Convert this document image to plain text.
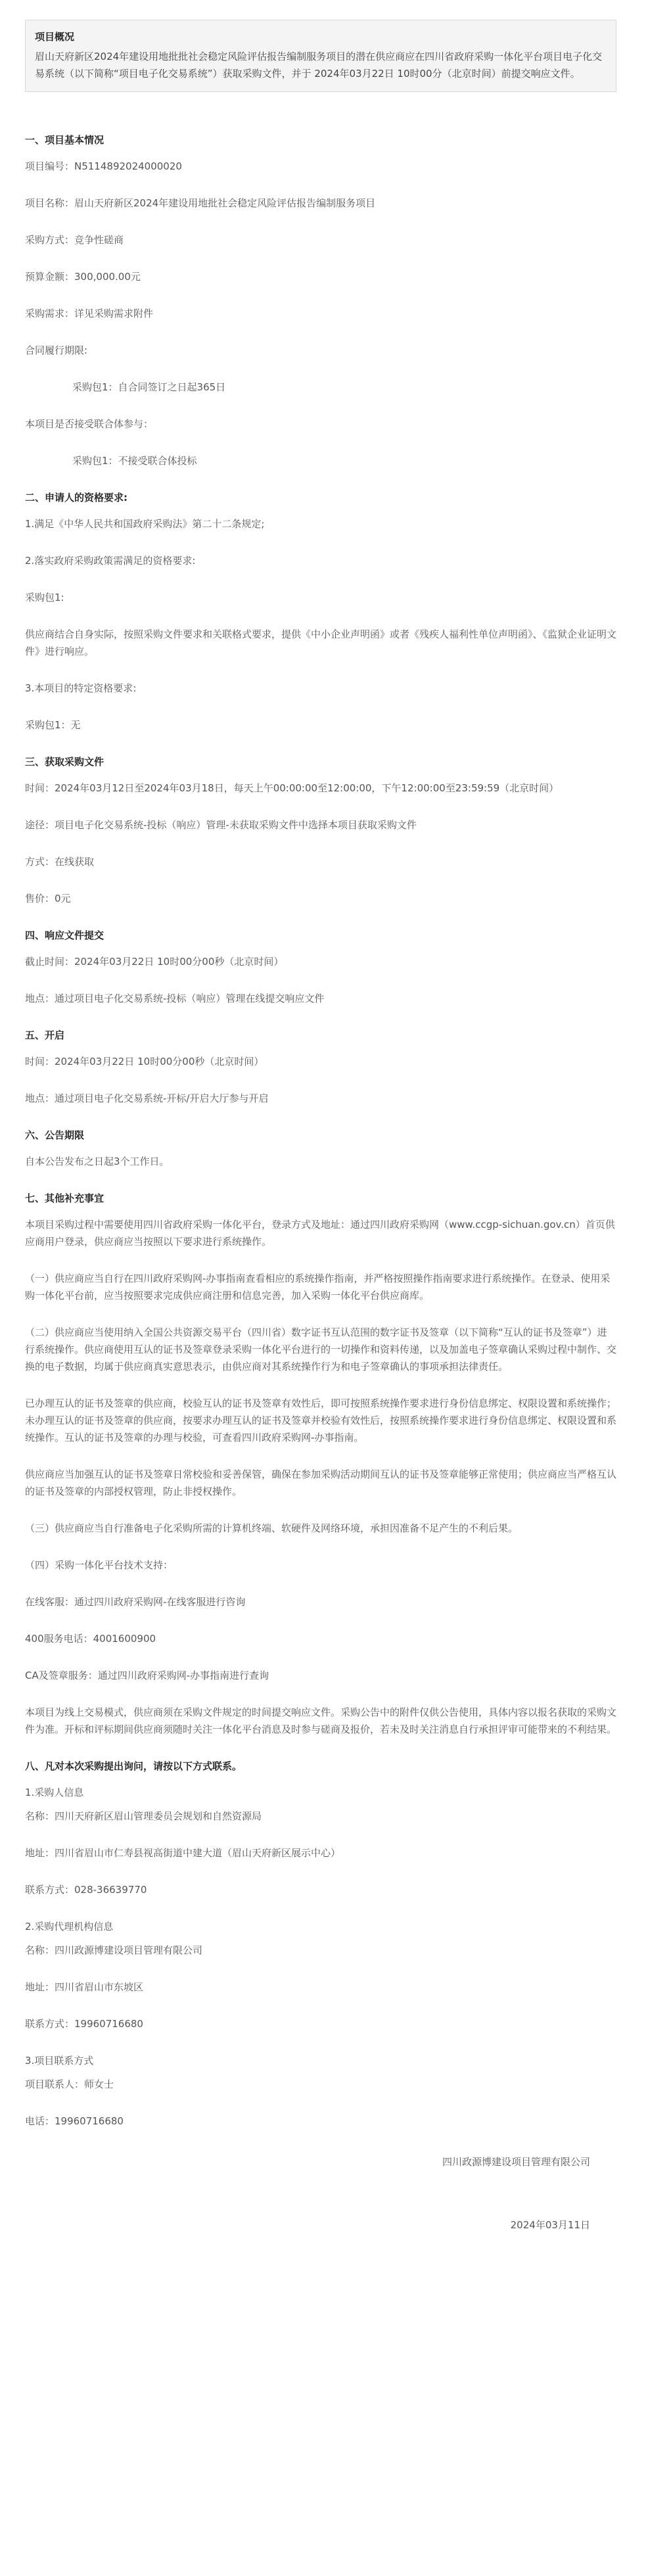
项目概况
眉山天府新区2024年建设用地批批社会稳定风险评估报告编制服务项目的潜在供应商应在四川省政府采购一体化平台项目电子化交易系统（以下简称“项目电子化交易系统”）获取采购文件，并于 2024年03月22日 10时00分（北京时间）前提交响应文件。
一、项目基本情况

项目编号：N5114892024000020

项目名称：眉山天府新区2024年建设用地批社会稳定风险评估报告编制服务项目

采购方式：竞争性磋商

预算金额：300,000.00元

采购需求：详见采购需求附件

合同履行期限:

采购包1：自合同签订之日起365日

本项目是否接受联合体参与：

采购包1：不接受联合体投标

二、申请人的资格要求:

1.满足《中华人民共和国政府采购法》第二十二条规定;

2.落实政府采购政策需满足的资格要求:

采购包1:

供应商结合自身实际，按照采购文件要求和关联格式要求，提供《中小企业声明函》或者《残疾人福利性单位声明函》、《监狱企业证明文件》进行响应。

3.本项目的特定资格要求:

采购包1：无

三、获取采购文件

时间：2024年03月12日至2024年03月18日，每天上午00:00:00至12:00:00，下午12:00:00至23:59:59（北京时间）

途径：项目电子化交易系统-投标（响应）管理-未获取采购文件中选择本项目获取采购文件

方式：在线获取

售价：0元

四、响应文件提交

截止时间：2024年03月22日 10时00分00秒（北京时间）

地点：通过项目电子化交易系统-投标（响应）管理在线提交响应文件

五、开启

时间：2024年03月22日 10时00分00秒（北京时间）

地点：通过项目电子化交易系统-开标/开启大厅参与开启

六、公告期限

自本公告发布之日起3个工作日。

七、其他补充事宜

本项目采购过程中需要使用四川省政府采购一体化平台，登录方式及地址：通过四川政府采购网（www.ccgp-sichuan.gov.cn）首页供应商用户登录，供应商应当按照以下要求进行系统操作。

（一）供应商应当自行在四川政府采购网-办事指南查看相应的系统操作指南，并严格按照操作指南要求进行系统操作。在登录、使用采购一体化平台前，应当按照要求完成供应商注册和信息完善，加入采购一体化平台供应商库。

（二）供应商应当使用纳入全国公共资源交易平台（四川省）数字证书互认范围的数字证书及签章（以下简称“互认的证书及签章”）进行系统操作。供应商使用互认的证书及签章登录采购一体化平台进行的一切操作和资料传递，以及加盖电子签章确认采购过程中制作、交换的电子数据，均属于供应商真实意思表示，由供应商对其系统操作行为和电子签章确认的事项承担法律责任。

已办理互认的证书及签章的供应商，校验互认的证书及签章有效性后，即可按照系统操作要求进行身份信息绑定、权限设置和系统操作；未办理互认的证书及签章的供应商，按要求办理互认的证书及签章并校验有效性后，按照系统操作要求进行身份信息绑定、权限设置和系统操作。互认的证书及签章的办理与校验，可查看四川政府采购网-办事指南。

供应商应当加强互认的证书及签章日常校验和妥善保管，确保在参加采购活动期间互认的证书及签章能够正常使用；供应商应当严格互认的证书及签章的内部授权管理，防止非授权操作。

（三）供应商应当自行准备电子化采购所需的计算机终端、软硬件及网络环境，承担因准备不足产生的不利后果。

（四）采购一体化平台技术支持：

在线客服：通过四川政府采购网-在线客服进行咨询

400服务电话：4001600900

CA及签章服务：通过四川政府采购网-办事指南进行查询

本项目为线上交易模式，供应商须在采购文件规定的时间提交响应文件。采购公告中的附件仅供公告使用，具体内容以报名获取的采购文件为准。开标和评标期间供应商须随时关注一体化平台消息及时参与磋商及报价，若未及时关注消息自行承担评审可能带来的不利结果。

八、凡对本次采购提出询问，请按以下方式联系。

1.采购人信息

名称：四川天府新区眉山管理委员会规划和自然资源局

地址：四川省眉山市仁寿县视高街道中建大道（眉山天府新区展示中心）

联系方式：028-36639770

2.采购代理机构信息

名称：四川政源博建设项目管理有限公司

地址：四川省眉山市东坡区

联系方式：19960716680

3.项目联系方式

项目联系人：师女士

电话：19960716680

四川政源博建设项目管理有限公司
2024年03月11日
